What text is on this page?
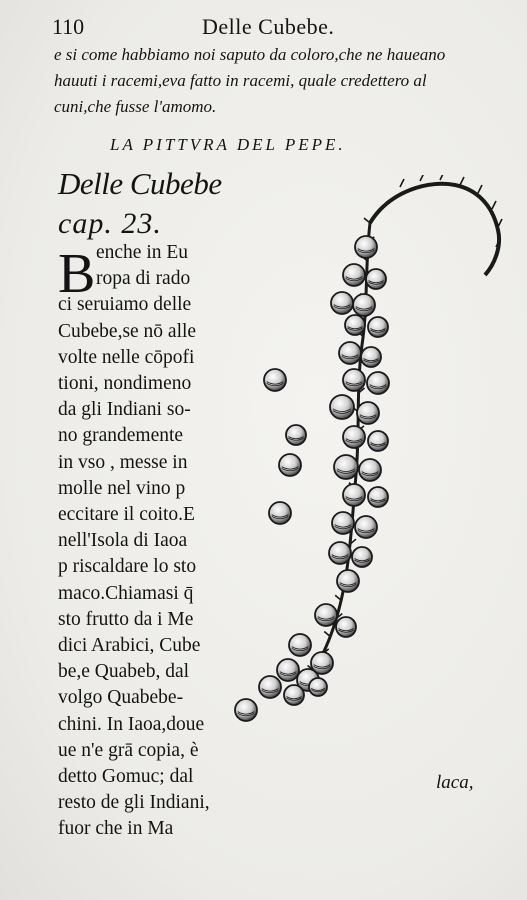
110	Delle Cubebe.
e si come habbiamo noi saputo da coloro,che ne haueano
hauuti i racemi,eva fatto in racemi, quale credettero al
cuni,che fusse l'amomo.
LA PITTVRA DEL PEPE.
Delle Cubebe
cap. 23.
B enche in Eu
ropa di rado
ci seruiamo delle
Cubebe,se nō alle
volte nelle cōpofi
tioni, nondimeno
da gli Indiani so-
no grandemente
in vso , messe in
molle nel vino p
eccitare il coito.E
nell'Isola di Iaoa
p riscaldare lo sto
maco.Chiamasi q̄
sto frutto da i Me
dici Arabici, Cube
be,e Quabeb, dal
volgo Quabebe-
chini. In Iaoa,doue
ue n'e grā copia, è
detto Gomuc; dal
resto de gli Indiani,
fuor che in Ma
laca,
